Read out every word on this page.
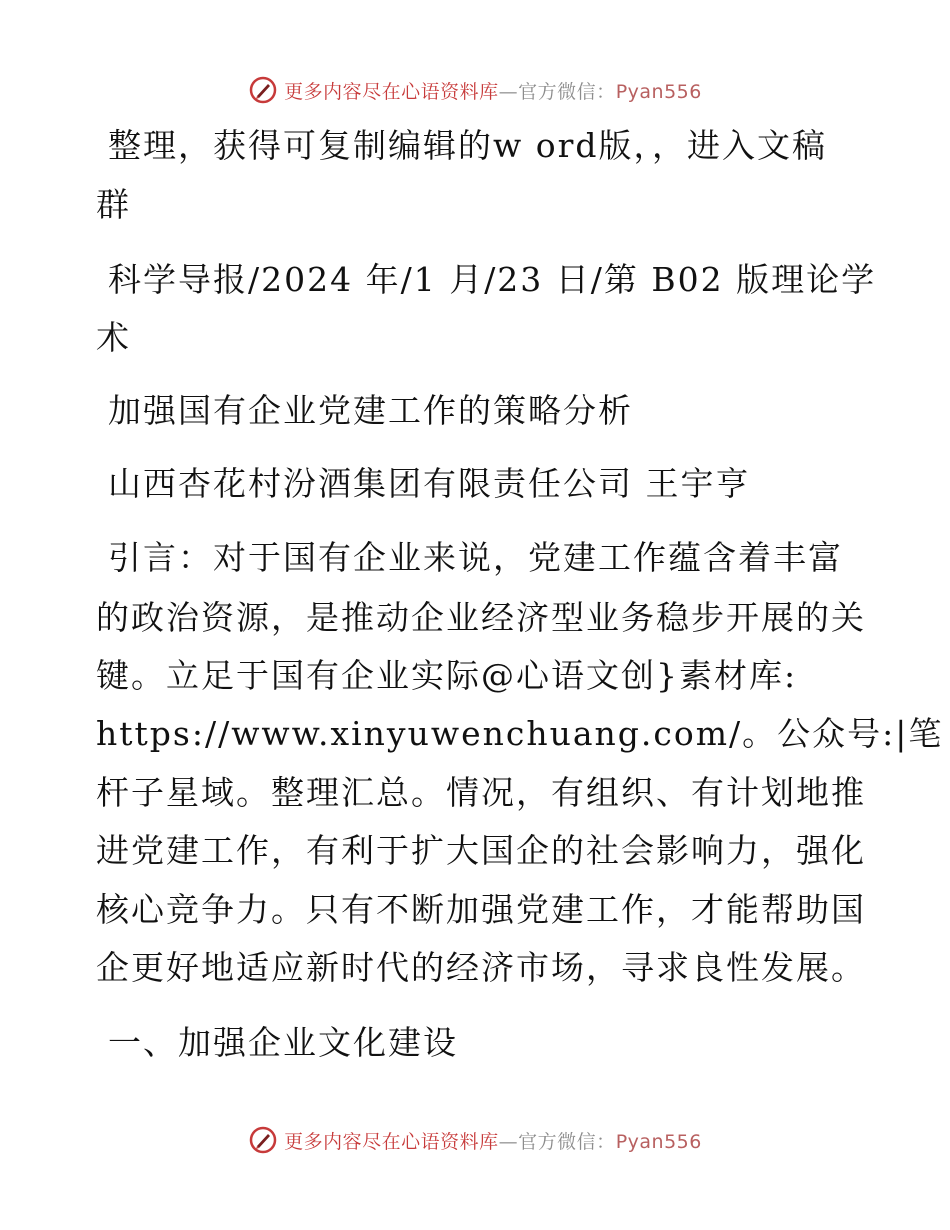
更多内容尽在心语资料库—官方微信：Pyan556
整理，获得可复制编辑的w ord版，，进入文稿
群
科学导报/2024 年/1 月/23 日/第 B02 版理论学
术
加强国有企业党建工作的策略分析
山西杏花村汾酒集团有限责任公司 王宇亨
引言：对于国有企业来说，党建工作蕴含着丰富
的政治资源，是推动企业经济型业务稳步开展的关
键。立足于国有企业实际@心语文创}素材库:
https://www.xinyuwenchuang.com/。公众号:|笔
杆子星域。整理汇总。情况，有组织、有计划地推
进党建工作，有利于扩大国企的社会影响力，强化
核心竞争力。只有不断加强党建工作，才能帮助国
企更好地适应新时代的经济市场，寻求良性发展。
一、加强企业文化建设
更多内容尽在心语资料库—官方微信：Pyan556
